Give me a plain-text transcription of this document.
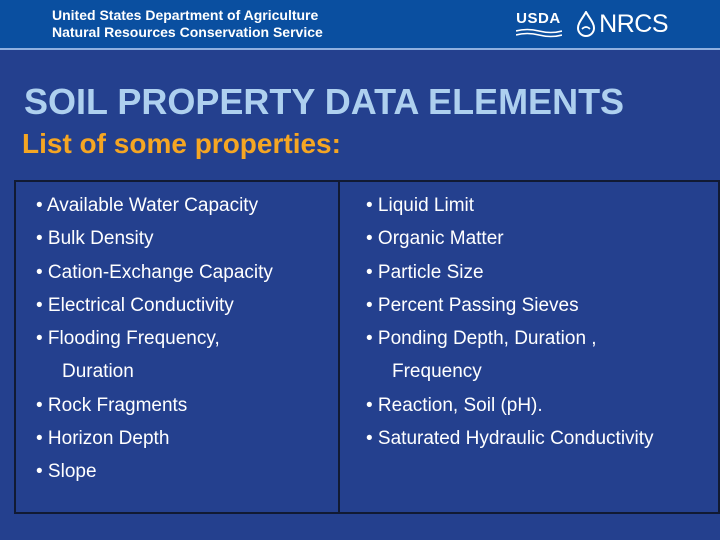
United States Department of Agriculture
Natural Resources Conservation Service
USDA NRCS
SOIL PROPERTY DATA ELEMENTS
List of some properties:
• Available Water Capacity
• Bulk Density
• Cation-Exchange Capacity
• Electrical Conductivity
• Flooding Frequency,
Duration
• Rock Fragments
• Horizon Depth
• Slope
• Liquid Limit
• Organic Matter
• Particle Size
• Percent Passing Sieves
• Ponding Depth, Duration ,
Frequency
• Reaction, Soil (pH).
• Saturated Hydraulic Conductivity
